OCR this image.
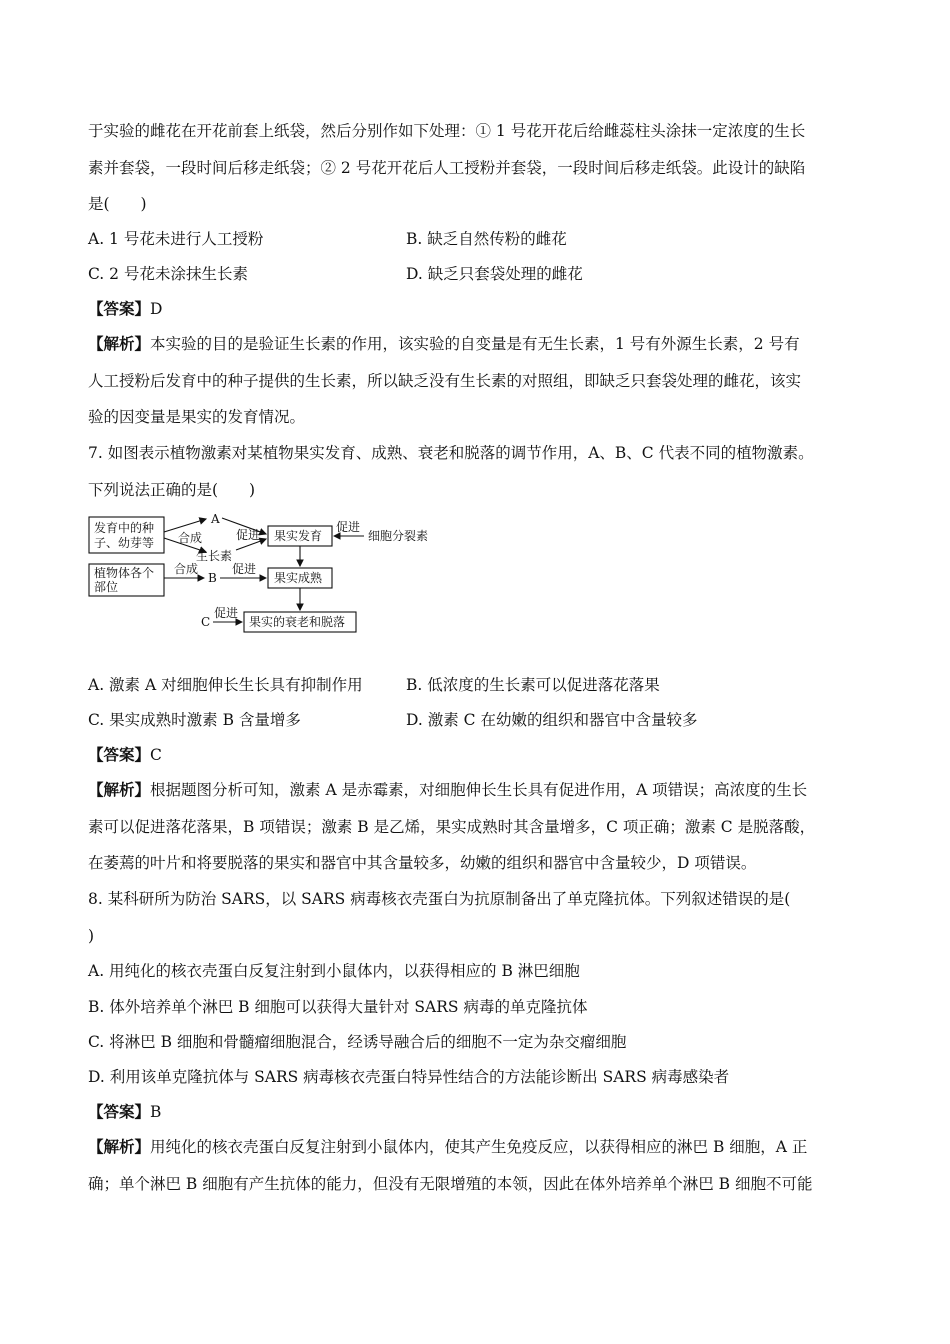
于实验的雌花在开花前套上纸袋，然后分别作如下处理：① 1 号花开花后给雌蕊柱头涂抹一定浓度的生长
素并套袋，一段时间后移走纸袋；② 2 号花开花后人工授粉并套袋，一段时间后移走纸袋。此设计的缺陷
是(　　)
A. 1 号花未进行人工授粉	B. 缺乏自然传粉的雌花
C. 2 号花未涂抹生长素	D. 缺乏只套袋处理的雌花
【答案】D
【解析】本实验的目的是验证生长素的作用，该实验的自变量是有无生长素，1 号有外源生长素，2 号有
人工授粉后发育中的种子提供的生长素，所以缺乏没有生长素的对照组，即缺乏只套袋处理的雌花，该实
验的因变量是果实的发育情况。
7. 如图表示植物激素对某植物果实发育、成熟、衰老和脱落的调节作用，A、B、C 代表不同的植物激素。
下列说法正确的是(　　)
发育中的种
子、幼芽等
植物体各个
部位
果实发育
果实成熟
果实的衰老和脱落
合成
A
生长素
促进
促进
细胞分裂素
合成
B
促进
C
促进
A. 激素 A 对细胞伸长生长具有抑制作用	B. 低浓度的生长素可以促进落花落果
C. 果实成熟时激素 B 含量增多	D. 激素 C 在幼嫩的组织和器官中含量较多
【答案】C
【解析】根据题图分析可知，激素 A 是赤霉素，对细胞伸长生长具有促进作用，A 项错误；高浓度的生长
素可以促进落花落果，B 项错误；激素 B 是乙烯，果实成熟时其含量增多，C 项正确；激素 C 是脱落酸，
在萎蔫的叶片和将要脱落的果实和器官中其含量较多，幼嫩的组织和器官中含量较少，D 项错误。
8. 某科研所为防治 SARS，以 SARS 病毒核衣壳蛋白为抗原制备出了单克隆抗体。下列叙述错误的是(
)
A. 用纯化的核衣壳蛋白反复注射到小鼠体内，以获得相应的 B 淋巴细胞
B. 体外培养单个淋巴 B 细胞可以获得大量针对 SARS 病毒的单克隆抗体
C. 将淋巴 B 细胞和骨髓瘤细胞混合，经诱导融合后的细胞不一定为杂交瘤细胞
D. 利用该单克隆抗体与 SARS 病毒核衣壳蛋白特异性结合的方法能诊断出 SARS 病毒感染者
【答案】B
【解析】用纯化的核衣壳蛋白反复注射到小鼠体内，使其产生免疫反应，以获得相应的淋巴 B 细胞，A 正
确；单个淋巴 B 细胞有产生抗体的能力，但没有无限增殖的本领，因此在体外培养单个淋巴 B 细胞不可能
